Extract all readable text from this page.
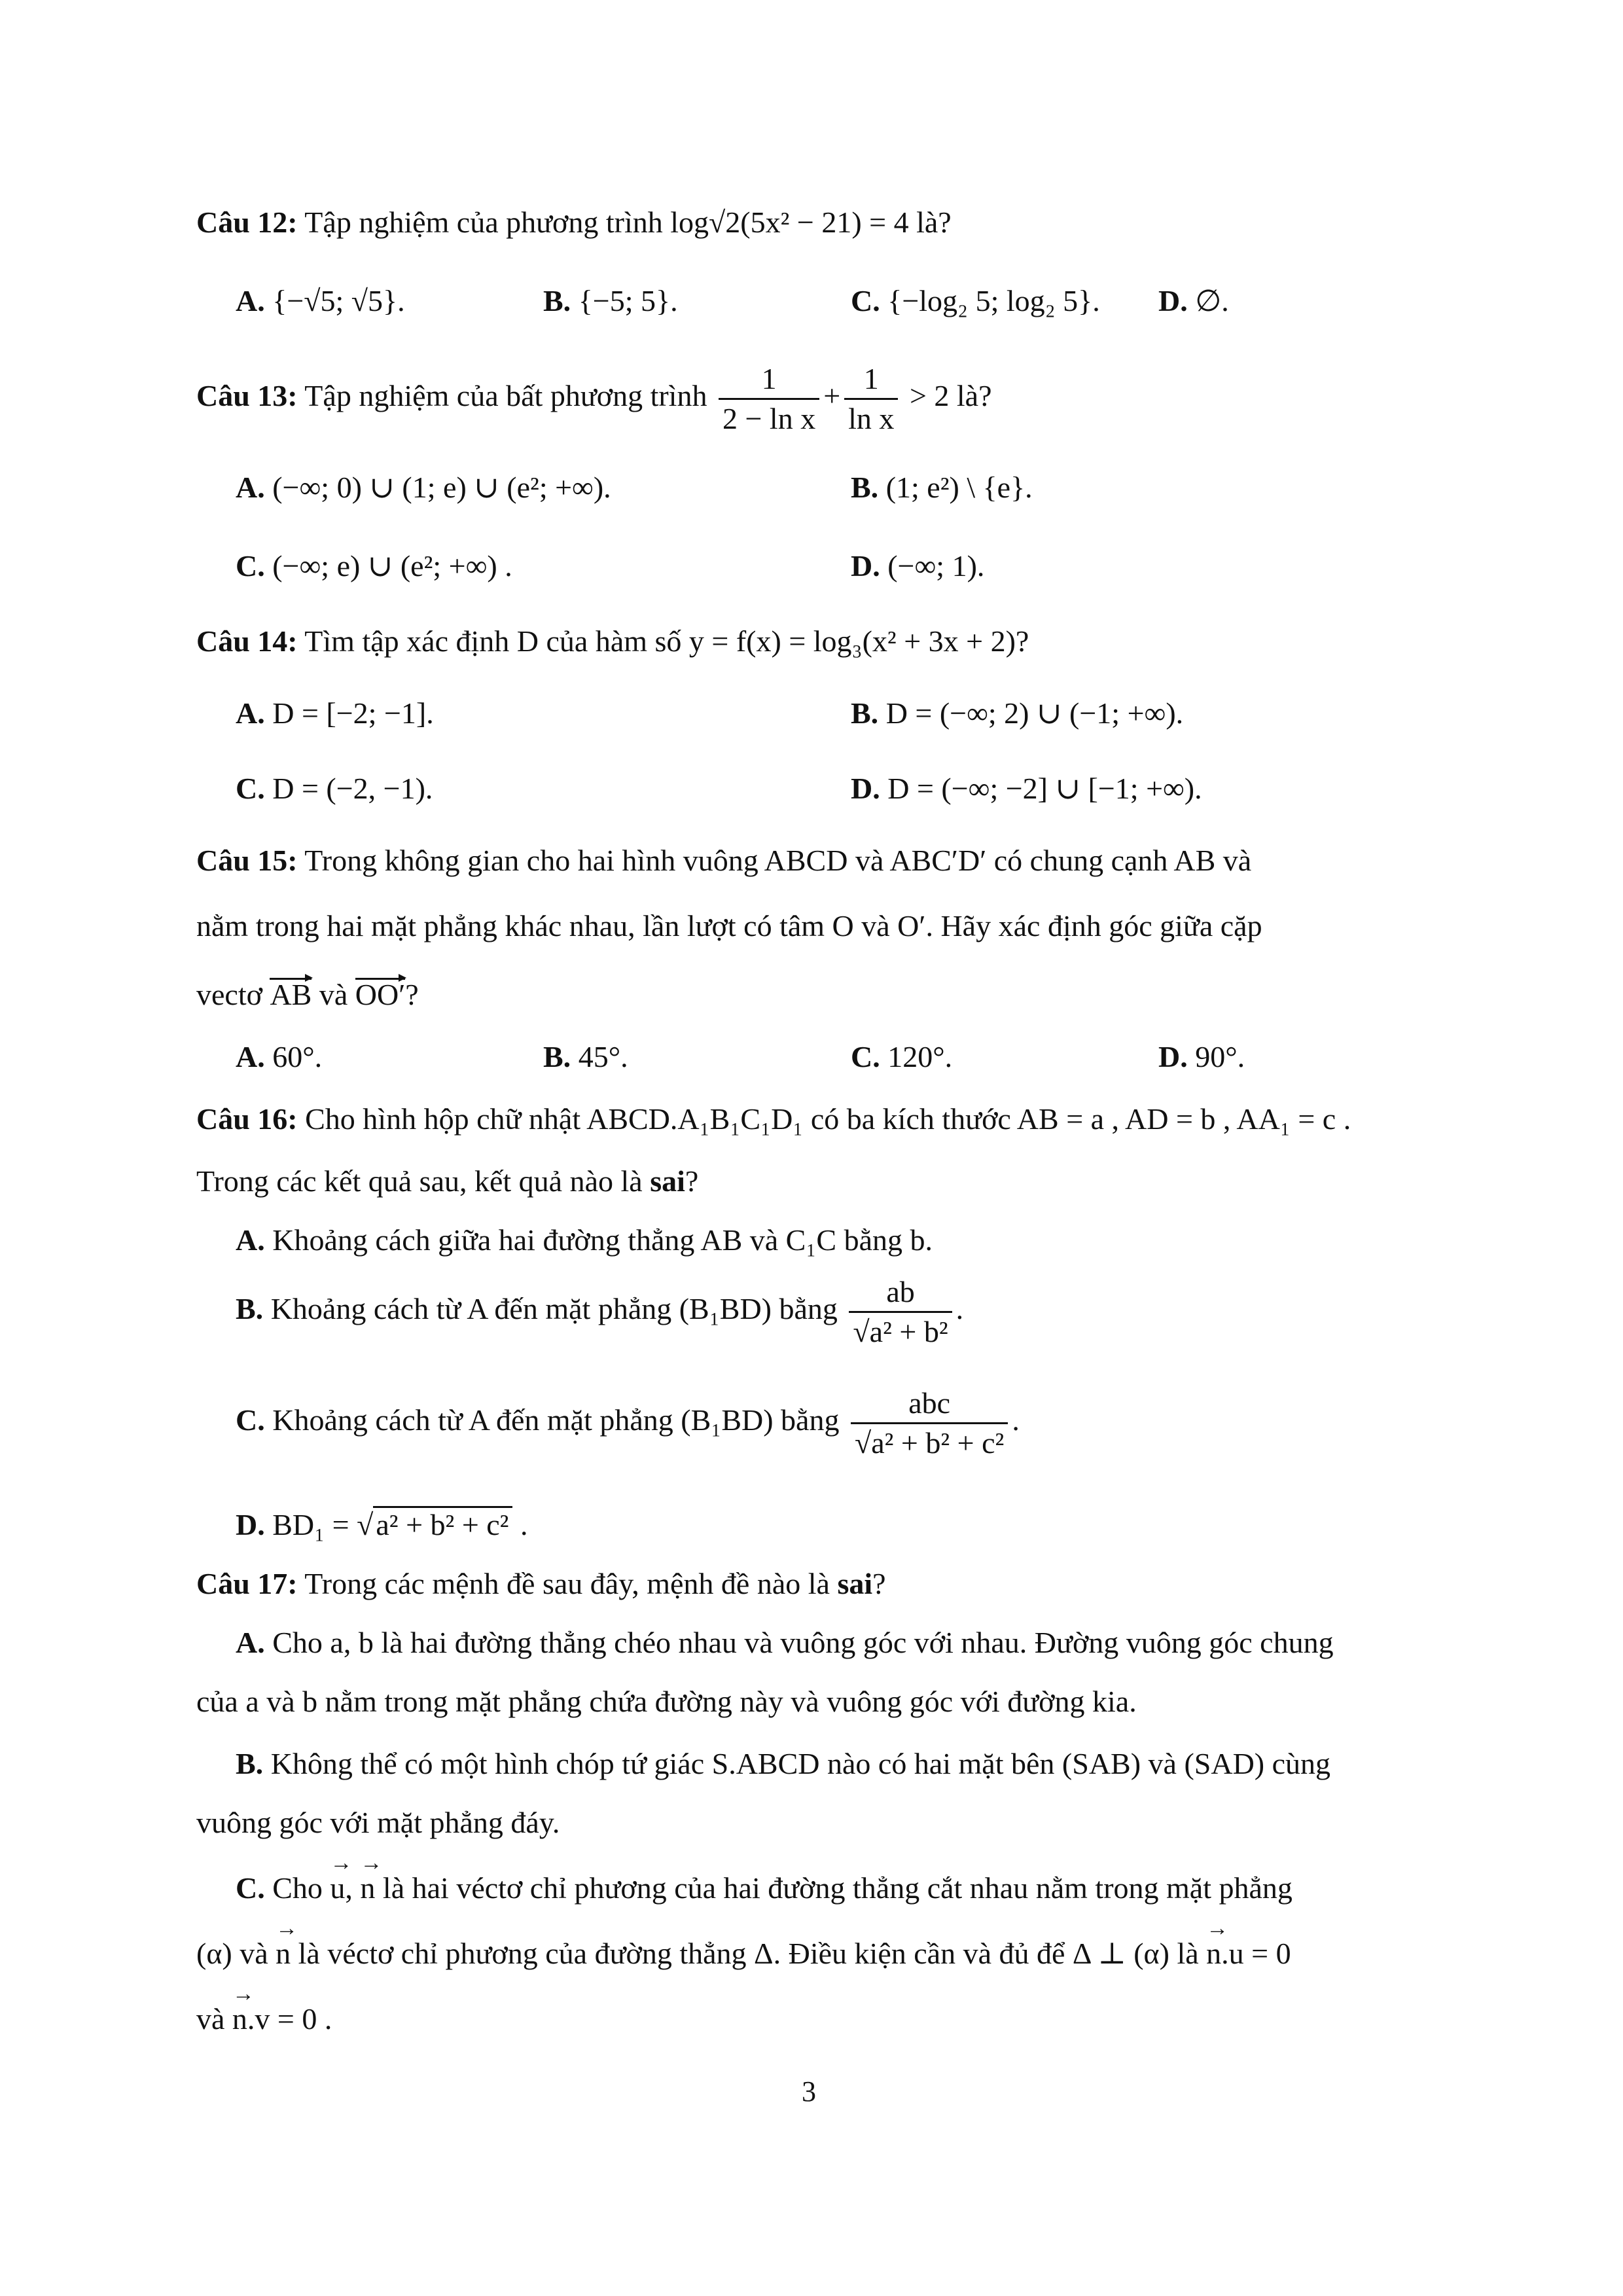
Câu 12: Tập nghiệm của phương trình log√2(5x² − 21) = 4 là?
A. {−√5; √5}.	B. {−5; 5}.	C. {−log₂ 5; log₂ 5}. D. ∅.
Câu 13: Tập nghiệm của bất phương trình $\frac{1}{\text{2 − ln x}} + \frac{1}{\text{ln x}} > 2$ là?
A. (−∞; 0) ∪ (1; e) ∪ (e²; +∞).	B. (1; e²) \ {e}.
C. (−∞; e) ∪ (e²; +∞) .	D. (−∞; 1).
Câu 14: Tìm tập xác định D của hàm số y = f(x) = log₃(x² + 3x + 2)?
A. D = [−2; −1].	B. D = (−∞; 2) ∪ (−1; +∞).
C. D = (−2, −1).	D. D = (−∞; −2] ∪ [−1; +∞).
Câu 15: Trong không gian cho hai hình vuông ABCD và ABC′D′ có chung cạnh AB và
nằm trong hai mặt phẳng khác nhau, lần lượt có tâm O và O′. Hãy xác định góc giữa cặp
vectơ AB và OO′?
A. 60°.	B. 45°.	C. 120°.	D. 90°.
Câu 16: Cho hình hộp chữ nhật ABCD.A₁B₁C₁D₁ có ba kích thước AB = a , AD = b , AA₁ = c .
Trong các kết quả sau, kết quả nào là sai?
A. Khoảng cách giữa hai đường thẳng AB và C₁C bằng b.
B. Khoảng cách từ A đến mặt phẳng (B₁BD) bằng $\frac{ab}{\text{√a² + b²}}$ .
C. Khoảng cách từ A đến mặt phẳng (B₁BD) bằng $\frac{\text{abc}}{\text{√a² + b² + c²}}$ .
D. BD₁ = √a² + b² + c² .
Câu 17: Trong các mệnh đề sau đây, mệnh đề nào là sai?
A. Cho a, b là hai đường thẳng chéo nhau và vuông góc với nhau. Đường vuông góc chung
của a và b nằm trong mặt phẳng chứa đường này và vuông góc với đường kia.
B. Không thể có một hình chóp tứ giác S.ABCD nào có hai mặt bên (SAB) và (SAD) cùng
vuông góc với mặt phẳng đáy.
C. Cho → u, → n là hai véctơ chỉ phương của hai đường thẳng cắt nhau nằm trong mặt phẳng
(α) và → n là véctơ chỉ phương của đường thẳng Δ. Điều kiện cần và đủ để Δ ⊥ (α) là → n.u = 0
và → n.v = 0 .
3
